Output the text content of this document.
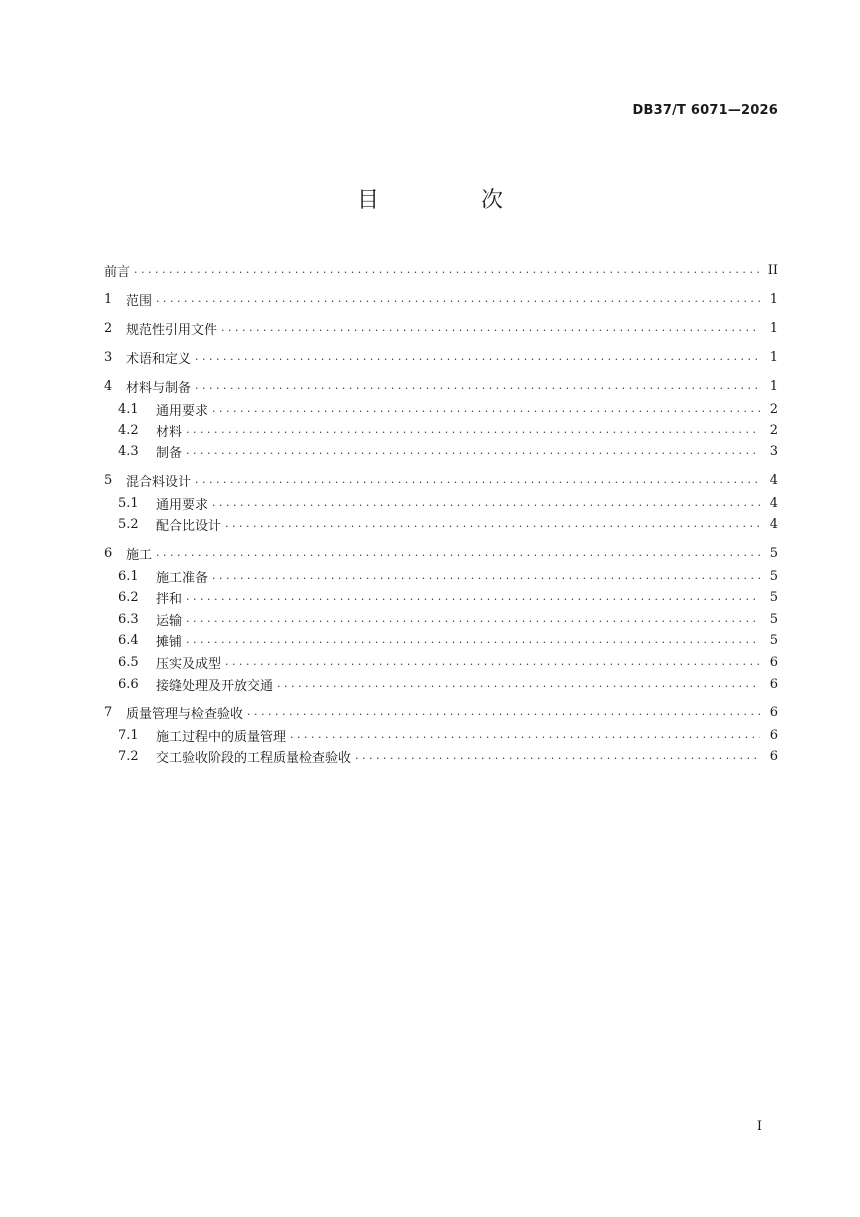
DB37/T 6071—2026
目　次
前言 . . .	II
1	范围 . . .	1
2	规范性引用文件 . . .	1
3	术语和定义 . . .	1
4	材料与制备 . . .	1
4.1	通用要求 . . .	2
4.2	材料 . . .	2
4.3	制备 . . .	3
5	混合料设计 . . .	4
5.1	通用要求 . . .	4
5.2	配合比设计 . . .	4
6	施工 . . .	5
6.1	施工准备 . . .	5
6.2	拌和 . . .	5
6.3	运输 . . .	5
6.4	摊铺 . . .	5
6.5	压实及成型 . . .	6
6.6	接缝处理及开放交通 . . .	6
7	质量管理与检查验收 . . .	6
7.1	施工过程中的质量管理 . . .	6
7.2	交工验收阶段的工程质量检查验收 . . .	6
I
